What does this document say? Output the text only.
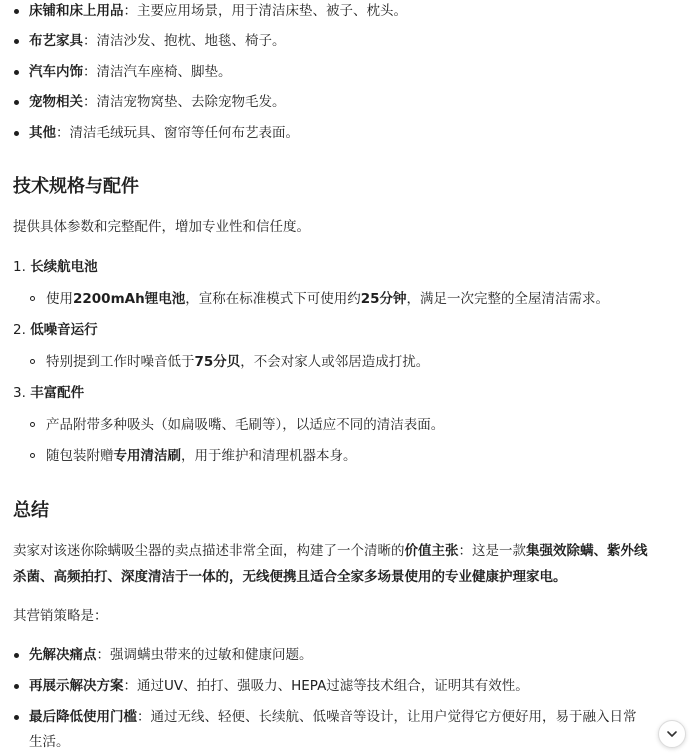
床铺和床上用品：主要应用场景，用于清洁床垫、被子、枕头。
布艺家具：清洁沙发、抱枕、地毯、椅子。
汽车内饰：清洁汽车座椅、脚垫。
宠物相关：清洁宠物窝垫、去除宠物毛发。
其他：清洁毛绒玩具、窗帘等任何布艺表面。
技术规格与配件

提供具体参数和完整配件，增加专业性和信任度。

1. 长续航电池
使用2200mAh锂电池，宣称在标准模式下可使用约25分钟，满足一次完整的全屋清洁需求。
2. 低噪音运行
特别提到工作时噪音低于75分贝，不会对家人或邻居造成打扰。
3. 丰富配件
产品附带多种吸头（如扁吸嘴、毛刷等），以适应不同的清洁表面。
随包装附赠专用清洁刷，用于维护和清理机器本身。
总结

卖家对该迷你除螨吸尘器的卖点描述非常全面，构建了一个清晰的价值主张：这是一款集强效除螨、紫外线

杀菌、高频拍打、深度清洁于一体的，无线便携且适合全家多场景使用的专业健康护理家电。

其营销策略是：

先解决痛点：强调螨虫带来的过敏和健康问题。
再展示解决方案：通过UV、拍打、强吸力、HEPA过滤等技术组合，证明其有效性。
最后降低使用门槛：通过无线、轻便、长续航、低噪音等设计，让用户觉得它方便好用，易于融入日常
生活。
